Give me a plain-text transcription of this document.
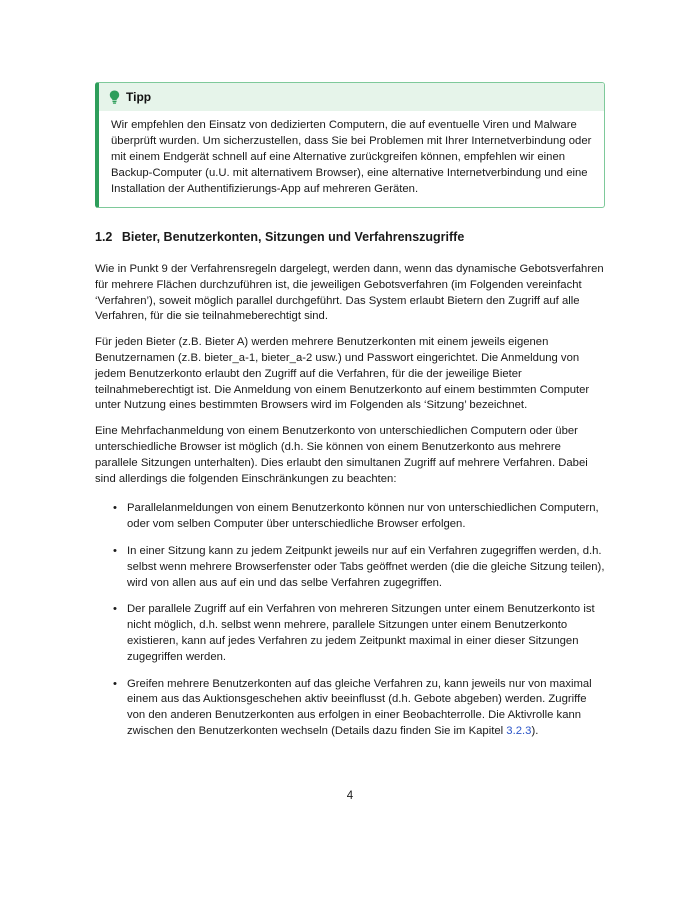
Tipp
Wir empfehlen den Einsatz von dedizierten Computern, die auf eventuelle Viren und Malware überprüft wurden. Um sicherzustellen, dass Sie bei Problemen mit Ihrer Internetverbindung oder mit einem Endgerät schnell auf eine Alternative zurückgreifen können, empfehlen wir einen Backup-Computer (u.U. mit alternativem Browser), eine alternative Internetverbindung und eine Installation der Authentifizierungs-App auf mehreren Geräten.
1.2 Bieter, Benutzerkonten, Sitzungen und Verfahrenszugriffe

Wie in Punkt 9 der Verfahrensregeln dargelegt, werden dann, wenn das dynamische Gebotsverfahren für mehrere Flächen durchzuführen ist, die jeweiligen Gebotsverfahren (im Folgenden vereinfacht ‘Verfahren’), soweit möglich parallel durchgeführt. Das System erlaubt Bietern den Zugriff auf alle Verfahren, für die sie teilnahmeberechtigt sind.

Für jeden Bieter (z.B. Bieter A) werden mehrere Benutzerkonten mit einem jeweils eigenen Benutzernamen (z.B. bieter_a-1, bieter_a-2 usw.) und Passwort eingerichtet. Die Anmeldung von jedem Benutzerkonto erlaubt den Zugriff auf die Verfahren, für die der jeweilige Bieter teilnahmeberechtigt ist. Die Anmeldung von einem Benutzerkonto auf einem bestimmten Computer unter Nutzung eines bestimmten Browsers wird im Folgenden als ‘Sitzung’ bezeichnet.

Eine Mehrfachanmeldung von einem Benutzerkonto von unterschiedlichen Computern oder über unterschiedliche Browser ist möglich (d.h. Sie können von einem Benutzerkonto aus mehrere parallele Sitzungen unterhalten). Dies erlaubt den simultanen Zugriff auf mehrere Verfahren. Dabei sind allerdings die folgenden Einschränkungen zu beachten:

• Parallelanmeldungen von einem Benutzerkonto können nur von unterschiedlichen Computern, oder vom selben Computer über unterschiedliche Browser erfolgen.
• In einer Sitzung kann zu jedem Zeitpunkt jeweils nur auf ein Verfahren zugegriffen werden, d.h. selbst wenn mehrere Browserfenster oder Tabs geöffnet werden (die die gleiche Sitzung teilen), wird von allen aus auf ein und das selbe Verfahren zugegriffen.
• Der parallele Zugriff auf ein Verfahren von mehreren Sitzungen unter einem Benutzerkonto ist nicht möglich, d.h. selbst wenn mehrere, parallele Sitzungen unter einem Benutzerkonto existieren, kann auf jedes Verfahren zu jedem Zeitpunkt maximal in einer dieser Sitzungen zugegriffen werden.
• Greifen mehrere Benutzerkonten auf das gleiche Verfahren zu, kann jeweils nur von maximal einem aus das Auktionsgeschehen aktiv beeinflusst (d.h. Gebote abgeben) werden. Zugriffe von den anderen Benutzerkonten aus erfolgen in einer Beobachterrolle. Die Aktivrolle kann zwischen den Benutzerkonten wechseln (Details dazu finden Sie im Kapitel 3.2.3).
4
